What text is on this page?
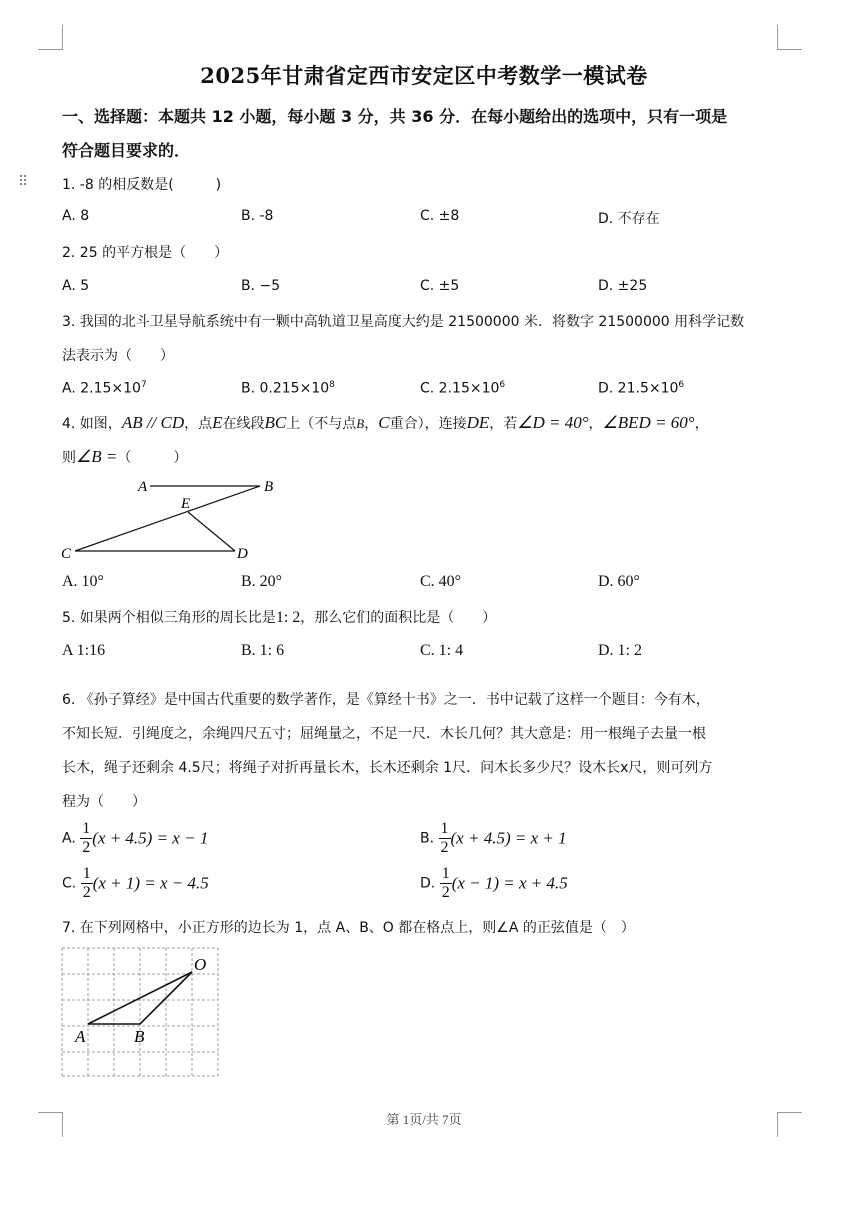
⠿
2025年甘肃省定西市安定区中考数学一模试卷
一、选择题：本题共 12 小题，每小题 3 分，共 36 分．在每小题给出的选项中，只有一项是
符合题目要求的．
1. -8 的相反数是(　　　)
A. 8	B. -8	C. ±8	D. 不存在
2. 25 的平方根是（　　）
A. 5	B. −5	C. ±5	D. ±25
3. 我国的北斗卫星导航系统中有一颗中高轨道卫星高度大约是 21500000 米．将数字 21500000 用科学记数
法表示为（　　）
A. $2.15\times 10^7$	B. $0.215\times 10^8$	C. $2.15\times 10^6$	D. $21.5\times 10^6$
4. 如图，AB // CD，点E在线段BC上（不与点B，C重合），连接DE，若∠D = 40°，∠BED = 60°，
则∠B =（　　　）
A	B
E
C	D
A. 10°	B. 20°	C. 40°	D. 60°
5. 如果两个相似三角形的周长比是1: 2，那么它们的面积比是（　　）
A 1:16	B. 1: 6	C. 1: 4	D. 1: 2
6. 《孙子算经》是中国古代重要的数学著作，是《算经十书》之一．书中记载了这样一个题目：今有木，
不知长短．引绳度之，余绳四尺五寸；屈绳量之，不足一尺．木长几何？其大意是：用一根绳子去量一根
长木，绳子还剩余 4.5尺；将绳子对折再量长木，长木还剩余 1尺．问木长多少尺？设木长x尺，则可列方
程为（　　）
A. $\frac{1}{2} (x + 4.5) = x - 1$	B. $\frac{1}{2} (x + 4.5) = x + 1$
C. $\frac{1}{2} (x + 1) = x - 4.5$	D. $\frac{1}{2} (x - 1) = x + 4.5$
7. 在下列网格中，小正方形的边长为 1，点 A、B、O 都在格点上，则∠A 的正弦值是（　）
O
A	B
第 1页/共 7页
